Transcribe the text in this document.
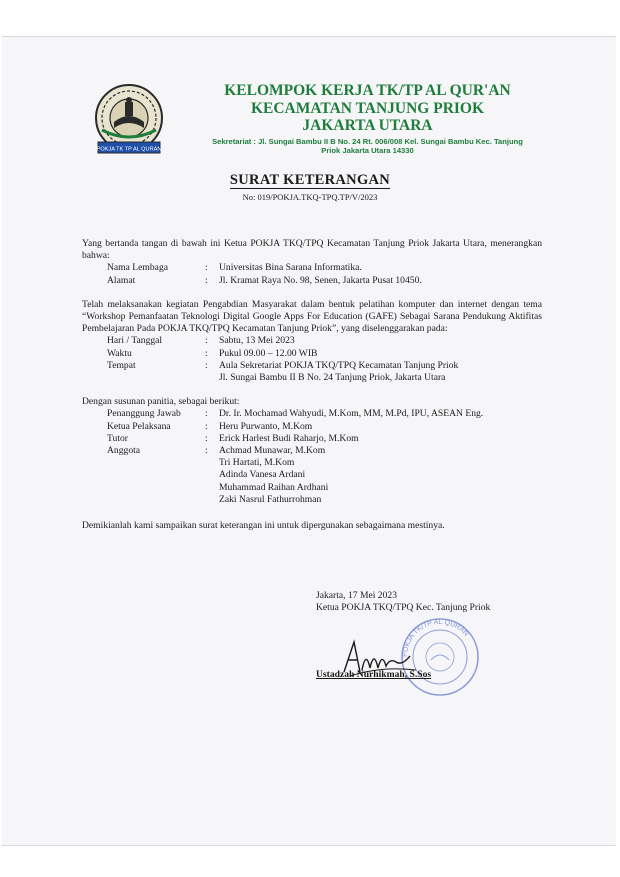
POKJA TK TP AL QURAN
KELOMPOK KERJA TK/TP AL QUR'AN
KECAMATAN TANJUNG PRIOK
JAKARTA UTARA
Sekretariat : Jl. Sungai Bambu II B No. 24 Rt. 006/008 Kel. Sungai Bambu Kec. Tanjung
Priok Jakarta Utara 14330
SURAT KETERANGAN
No: 019/POKJA.TKQ-TPQ.TP/V/2023

Yang bertanda tangan di bawah ini Ketua POKJA TKQ/TPQ Kecamatan Tanjung Priok Jakarta Utara, menerangkan bahwa:

Nama Lembaga	:	Universitas Bina Sarana Informatika.
Alamat	:	Jl. Kramat Raya No. 98, Senen, Jakarta Pusat 10450.

Telah melaksanakan kegiatan Pengabdian Masyarakat dalam bentuk pelatihan komputer dan internet dengan tema “Workshop Pemanfaatan Teknologi Digital Google Apps For Education (GAFE) Sebagai Sarana Pendukung Aktifitas Pembelajaran Pada POKJA TKQ/TPQ Kecamatan Tanjung Priok”, yang diselenggarakan pada:

Hari / Tanggal	:	Sabtu, 13 Mei 2023
Waktu	:	Pukul 09.00 – 12.00 WIB
Tempat	:	Aula Sekretariat POKJA TKQ/TPQ Kecamatan Tanjung Priok
		Jl. Sungai Bambu II B No. 24 Tanjung Priok, Jakarta Utara

Dengan susunan panitia, sebagai berikut:

Penanggung Jawab	:	Dr. Ir. Mochamad Wahyudi, M.Kom, MM, M.Pd, IPU, ASEAN Eng.
Ketua Pelaksana	:	Heru Purwanto, M.Kom
Tutor	:	Erick Harlest Budi Raharjo, M.Kom
Anggota	:	Achmad Munawar, M.Kom
		Tri Hartati, M.Kom
		Adinda Vanesa Ardani
		Muhammad Raihan Ardhani
		Zaki Nasrul Fathurrohman

Demikianlah kami sampaikan surat keterangan ini untuk dipergunakan sebagaimana mestinya.

Jakarta, 17 Mei 2023
Ketua POKJA TKQ/TPQ Kec. Tanjung Priok
POKJA TK/TP AL QURAN
Ustadzah Nurhikmah, S.Sos
